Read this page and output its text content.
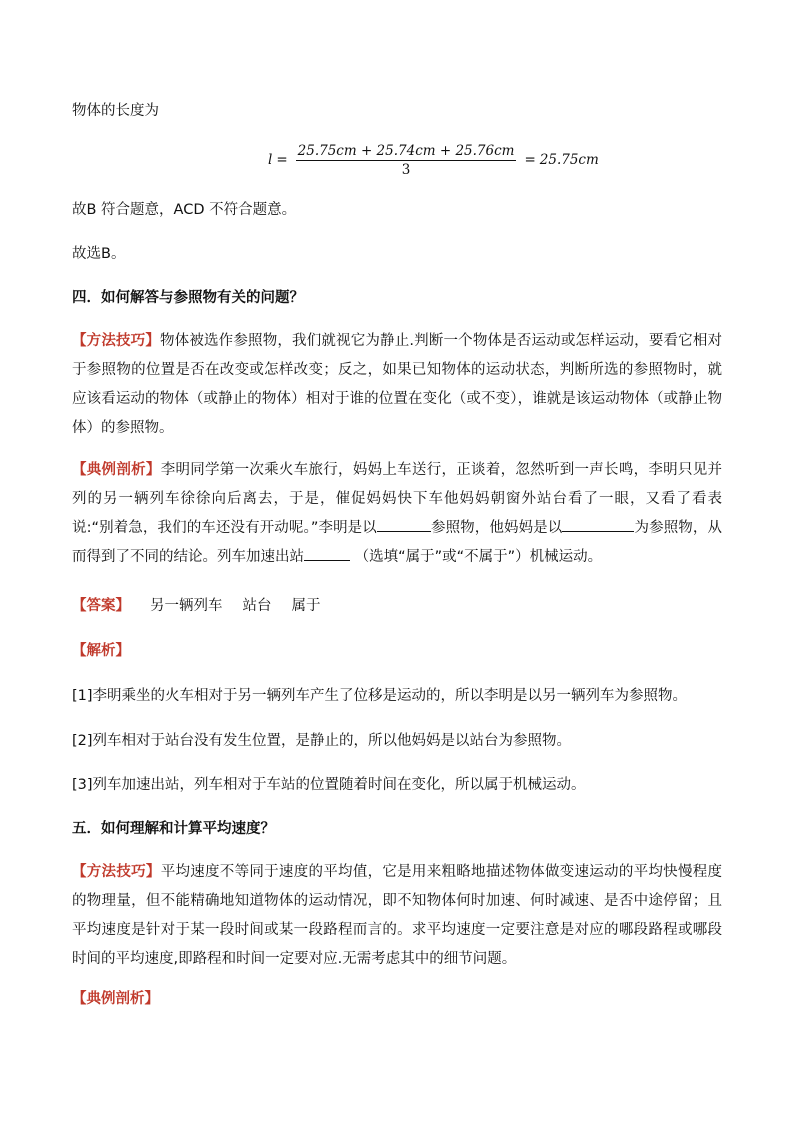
物体的长度为

$l = \frac{25.75cm + 25.74cm + 25.76cm}{3} = 25.75cm$

故B 符合题意，ACD 不符合题意。

故选B。

四．如何解答与参照物有关的问题？

【方法技巧】物体被选作参照物，我们就视它为静止.判断一个物体是否运动或怎样运动，要看它相对于参照物的位置是否在改变或怎样改变；反之，如果已知物体的运动状态，判断所选的参照物时，就应该看运动的物体（或静止的物体）相对于谁的位置在变化（或不变），谁就是该运动物体（或静止物体）的参照物。

【典例剖析】李明同学第一次乘火车旅行，妈妈上车送行，正谈着，忽然听到一声长鸣，李明只见并列的另一辆列车徐徐向后离去，于是，催促妈妈快下车他妈妈朝窗外站台看了一眼，又看了看表说:“别着急，我们的车还没有开动呢。”李明是以	参照物，他妈妈是以	为参照物，从而得到了不同的结论。列车加速出站	（选填“属于”或“不属于”）机械运动。

【答案】 另一辆列车 站台 属于

【解析】

[1]李明乘坐的火车相对于另一辆列车产生了位移是运动的，所以李明是以另一辆列车为参照物。

[2]列车相对于站台没有发生位置，是静止的，所以他妈妈是以站台为参照物。

[3]列车加速出站，列车相对于车站的位置随着时间在变化，所以属于机械运动。

五．如何理解和计算平均速度？

【方法技巧】平均速度不等同于速度的平均值，它是用来粗略地描述物体做变速运动的平均快慢程度的物理量，但不能精确地知道物体的运动情况，即不知物体何时加速、何时减速、是否中途停留；且平均速度是针对于某一段时间或某一段路程而言的。求平均速度一定要注意是对应的哪段路程或哪段时间的平均速度,即路程和时间一定要对应.无需考虑其中的细节问题。

【典例剖析】
